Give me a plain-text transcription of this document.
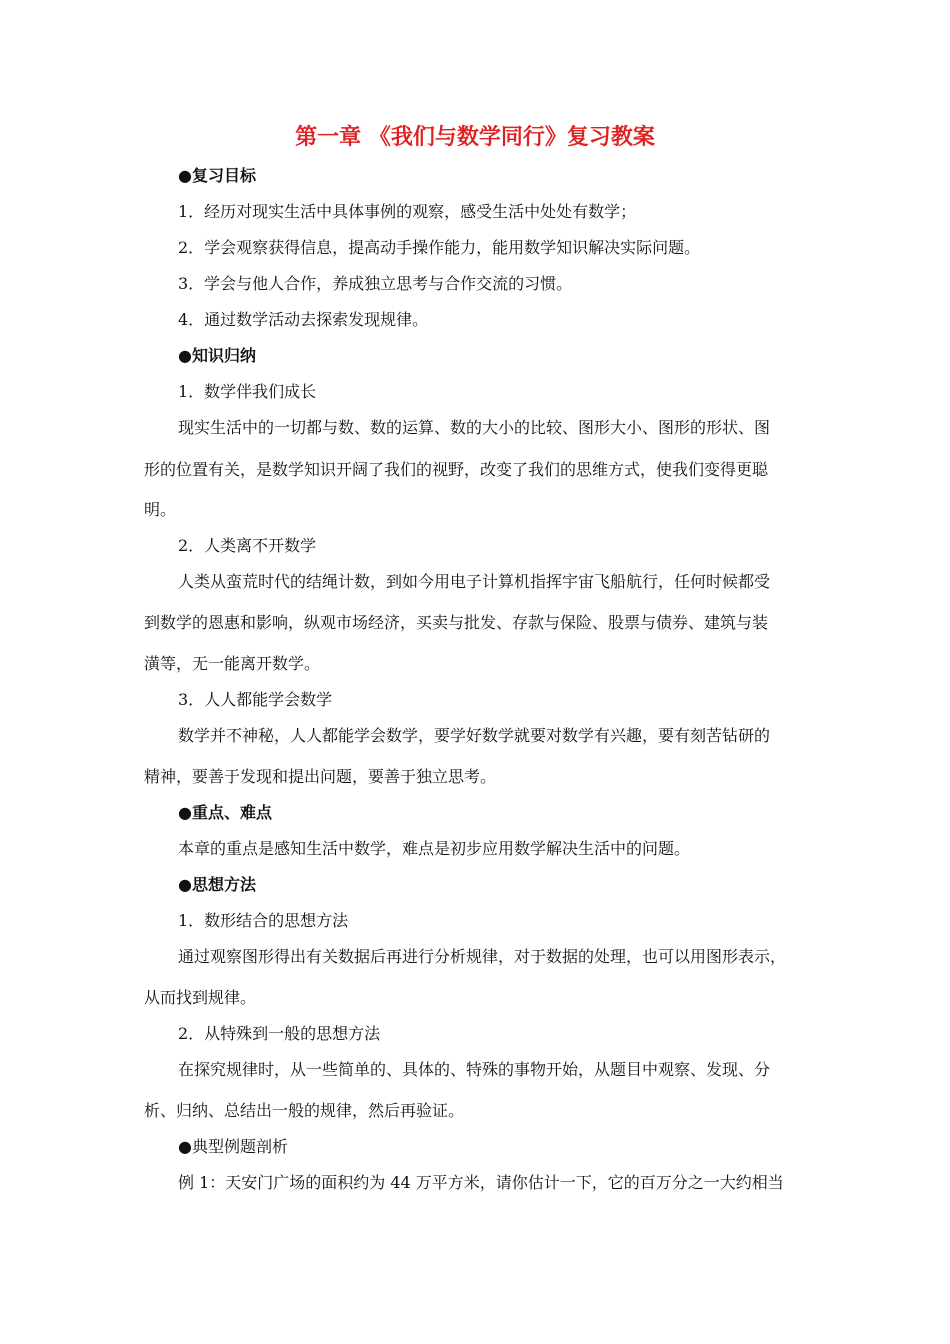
第一章 《我们与数学同行》复习教案
●复习目标
1．经历对现实生活中具体事例的观察，感受生活中处处有数学；
2．学会观察获得信息，提高动手操作能力，能用数学知识解决实际问题。
3．学会与他人合作，养成独立思考与合作交流的习惯。
4．通过数学活动去探索发现规律。
●知识归纳
1．数学伴我们成长
现实生活中的一切都与数、数的运算、数的大小的比较、图形大小、图形的形状、图
形的位置有关，是数学知识开阔了我们的视野，改变了我们的思维方式，使我们变得更聪
明。
2．人类离不开数学
人类从蛮荒时代的结绳计数，到如今用电子计算机指挥宇宙飞船航行，任何时候都受
到数学的恩惠和影响，纵观市场经济，买卖与批发、存款与保险、股票与债券、建筑与装
潢等，无一能离开数学。
3．人人都能学会数学
数学并不神秘，人人都能学会数学，要学好数学就要对数学有兴趣，要有刻苦钻研的
精神，要善于发现和提出问题，要善于独立思考。
●重点、难点
本章的重点是感知生活中数学，难点是初步应用数学解决生活中的问题。
●思想方法
1．数形结合的思想方法
通过观察图形得出有关数据后再进行分析规律，对于数据的处理，也可以用图形表示，
从而找到规律。
2．从特殊到一般的思想方法
在探究规律时，从一些简单的、具体的、特殊的事物开始，从题目中观察、发现、分
析、归纳、总结出一般的规律，然后再验证。
●典型例题剖析
例 1：天安门广场的面积约为 44 万平方米，请你估计一下，它的百万分之一大约相当
